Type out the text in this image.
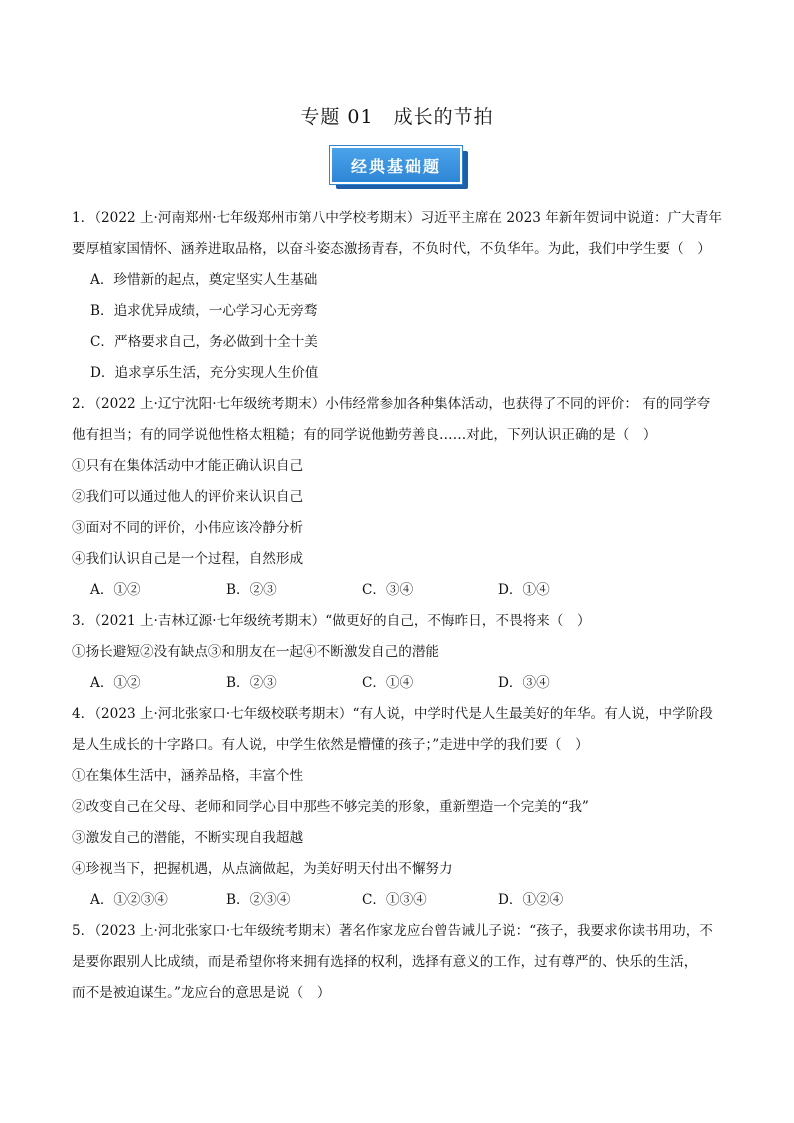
专题 01　成长的节拍
经典基础题
1．（2022 上·河南郑州·七年级郑州市第八中学校考期末）习近平主席在 2023 年新年贺词中说道：广大青年
要厚植家国情怀、涵养进取品格，以奋斗姿态激扬青春，不负时代，不负华年。为此，我们中学生要（　）
A．珍惜新的起点，奠定坚实人生基础
B．追求优异成绩，一心学习心无旁骛
C．严格要求自己，务必做到十全十美
D．追求享乐生活，充分实现人生价值
2．（2022 上·辽宁沈阳·七年级统考期末）小伟经常参加各种集体活动，也获得了不同的评价： 有的同学夸
他有担当；有的同学说他性格太粗糙；有的同学说他勤劳善良……对此，下列认识正确的是（　）
①只有在集体活动中才能正确认识自己
②我们可以通过他人的评价来认识自己
③面对不同的评价，小伟应该冷静分析
④我们认识自己是一个过程，自然形成
A．①②	B．②③	C．③④	D．①④
3．（2021 上·吉林辽源·七年级统考期末）“做更好的自己，不悔昨日，不畏将来（　）
①扬长避短②没有缺点③和朋友在一起④不断激发自己的潜能
A．①②	B．②③	C．①④	D．③④
4．（2023 上·河北张家口·七年级校联考期末）“有人说，中学时代是人生最美好的年华。有人说，中学阶段
是人生成长的十字路口。有人说，中学生依然是懵懂的孩子；”走进中学的我们要（　）
①在集体生活中，涵养品格，丰富个性
②改变自己在父母、老师和同学心目中那些不够完美的形象，重新塑造一个完美的“我”
③激发自己的潜能，不断实现自我超越
④珍视当下，把握机遇，从点滴做起，为美好明天付出不懈努力
A．①②③④	B．②③④	C．①③④	D．①②④
5．（2023 上·河北张家口·七年级统考期末）著名作家龙应台曾告诫儿子说：“孩子，我要求你读书用功，不
是要你跟别人比成绩，而是希望你将来拥有选择的权利，选择有意义的工作，过有尊严的、快乐的生活，
而不是被迫谋生。”龙应台的意思是说（　）
